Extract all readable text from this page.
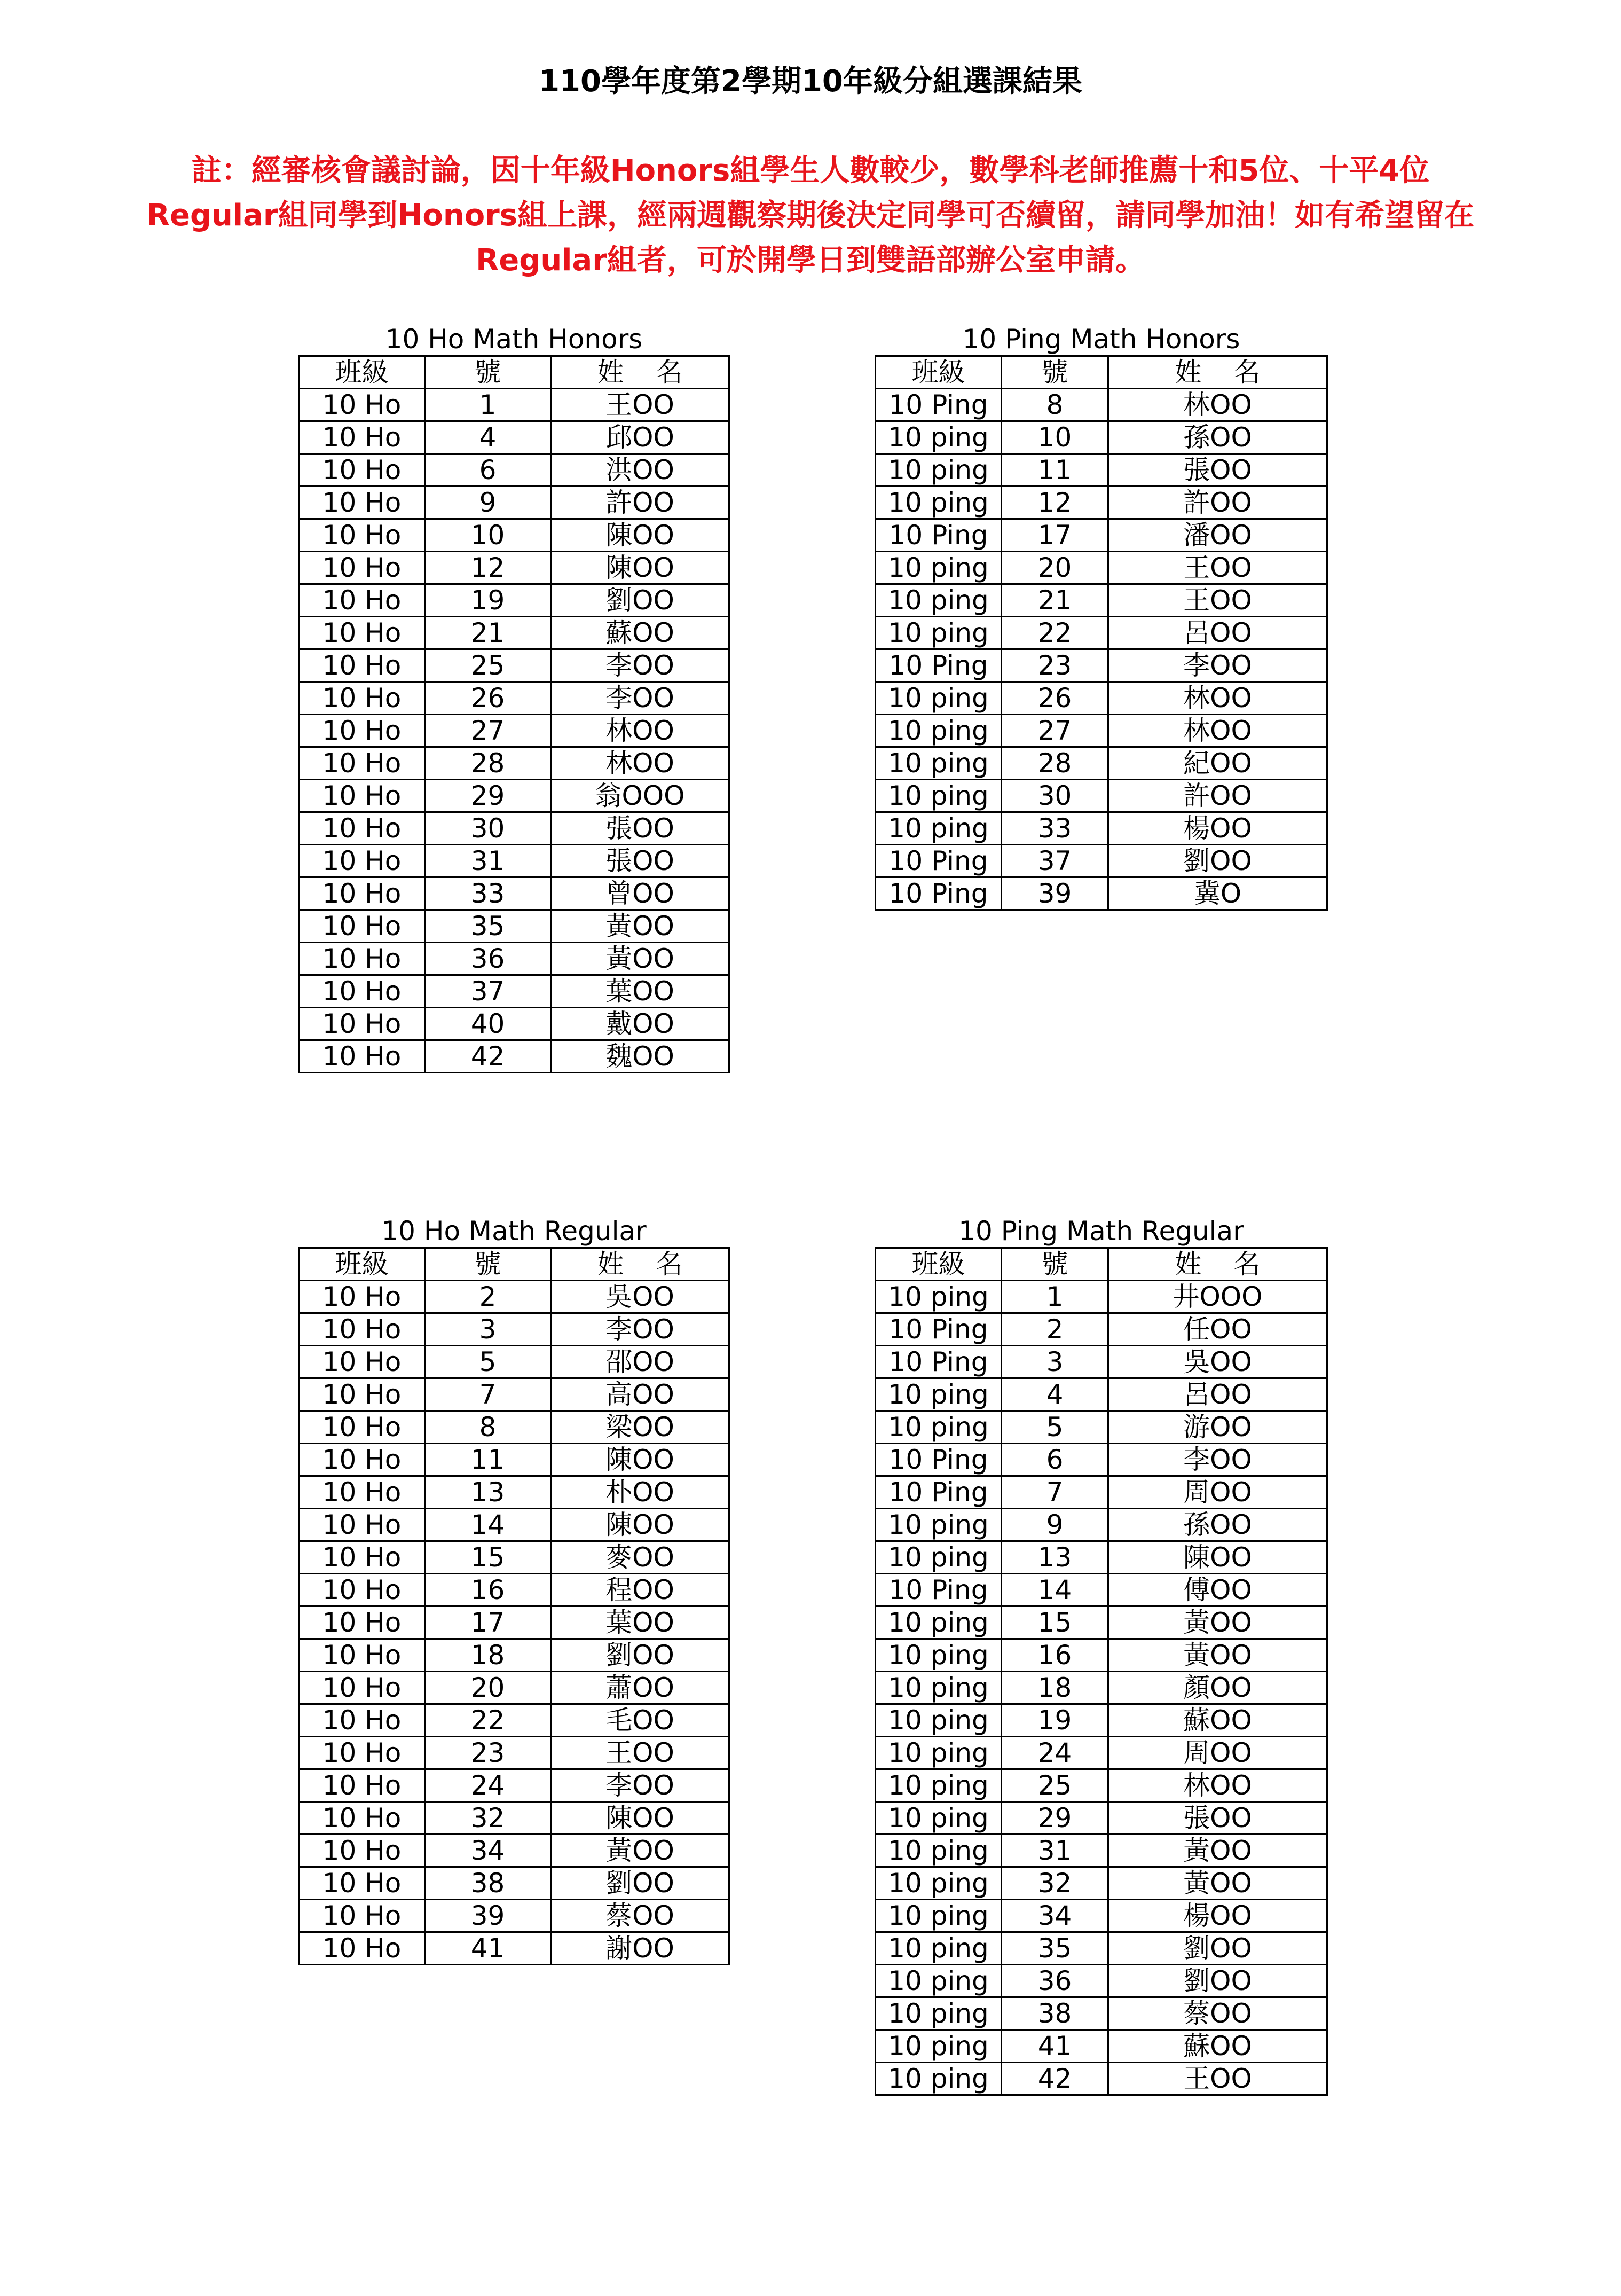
110學年度第2學期10年級分組選課結果
註：經審核會議討論，因十年級Honors組學生人數較少，數學科老師推薦十和5位、十平4位
Regular組同學到Honors組上課，經兩週觀察期後決定同學可否續留，請同學加油！如有希望留在
Regular組者，可於開學日到雙語部辦公室申請。
10 Ho Math Honors
班級	號	姓名
10 Ho	1	王OO
10 Ho	4	邱OO
10 Ho	6	洪OO
10 Ho	9	許OO
10 Ho	10	陳OO
10 Ho	12	陳OO
10 Ho	19	劉OO
10 Ho	21	蘇OO
10 Ho	25	李OO
10 Ho	26	李OO
10 Ho	27	林OO
10 Ho	28	林OO
10 Ho	29	翁OOO
10 Ho	30	張OO
10 Ho	31	張OO
10 Ho	33	曾OO
10 Ho	35	黃OO
10 Ho	36	黃OO
10 Ho	37	葉OO
10 Ho	40	戴OO
10 Ho	42	魏OO
10 Ping Math Honors
班級	號	姓名
10 Ping	8	林OO
10 ping	10	孫OO
10 ping	11	張OO
10 ping	12	許OO
10 Ping	17	潘OO
10 ping	20	王OO
10 ping	21	王OO
10 ping	22	呂OO
10 Ping	23	李OO
10 ping	26	林OO
10 ping	27	林OO
10 ping	28	紀OO
10 ping	30	許OO
10 ping	33	楊OO
10 Ping	37	劉OO
10 Ping	39	冀O
10 Ho Math Regular
班級	號	姓名
10 Ho	2	吳OO
10 Ho	3	李OO
10 Ho	5	邵OO
10 Ho	7	高OO
10 Ho	8	梁OO
10 Ho	11	陳OO
10 Ho	13	朴OO
10 Ho	14	陳OO
10 Ho	15	麥OO
10 Ho	16	程OO
10 Ho	17	葉OO
10 Ho	18	劉OO
10 Ho	20	蕭OO
10 Ho	22	毛OO
10 Ho	23	王OO
10 Ho	24	李OO
10 Ho	32	陳OO
10 Ho	34	黃OO
10 Ho	38	劉OO
10 Ho	39	蔡OO
10 Ho	41	謝OO
10 Ping Math Regular
班級	號	姓名
10 ping	1	井OOO
10 Ping	2	任OO
10 Ping	3	吳OO
10 ping	4	呂OO
10 ping	5	游OO
10 Ping	6	李OO
10 Ping	7	周OO
10 ping	9	孫OO
10 ping	13	陳OO
10 Ping	14	傅OO
10 ping	15	黃OO
10 ping	16	黃OO
10 ping	18	顏OO
10 ping	19	蘇OO
10 ping	24	周OO
10 ping	25	林OO
10 ping	29	張OO
10 ping	31	黃OO
10 ping	32	黃OO
10 ping	34	楊OO
10 ping	35	劉OO
10 ping	36	劉OO
10 ping	38	蔡OO
10 ping	41	蘇OO
10 ping	42	王OO
